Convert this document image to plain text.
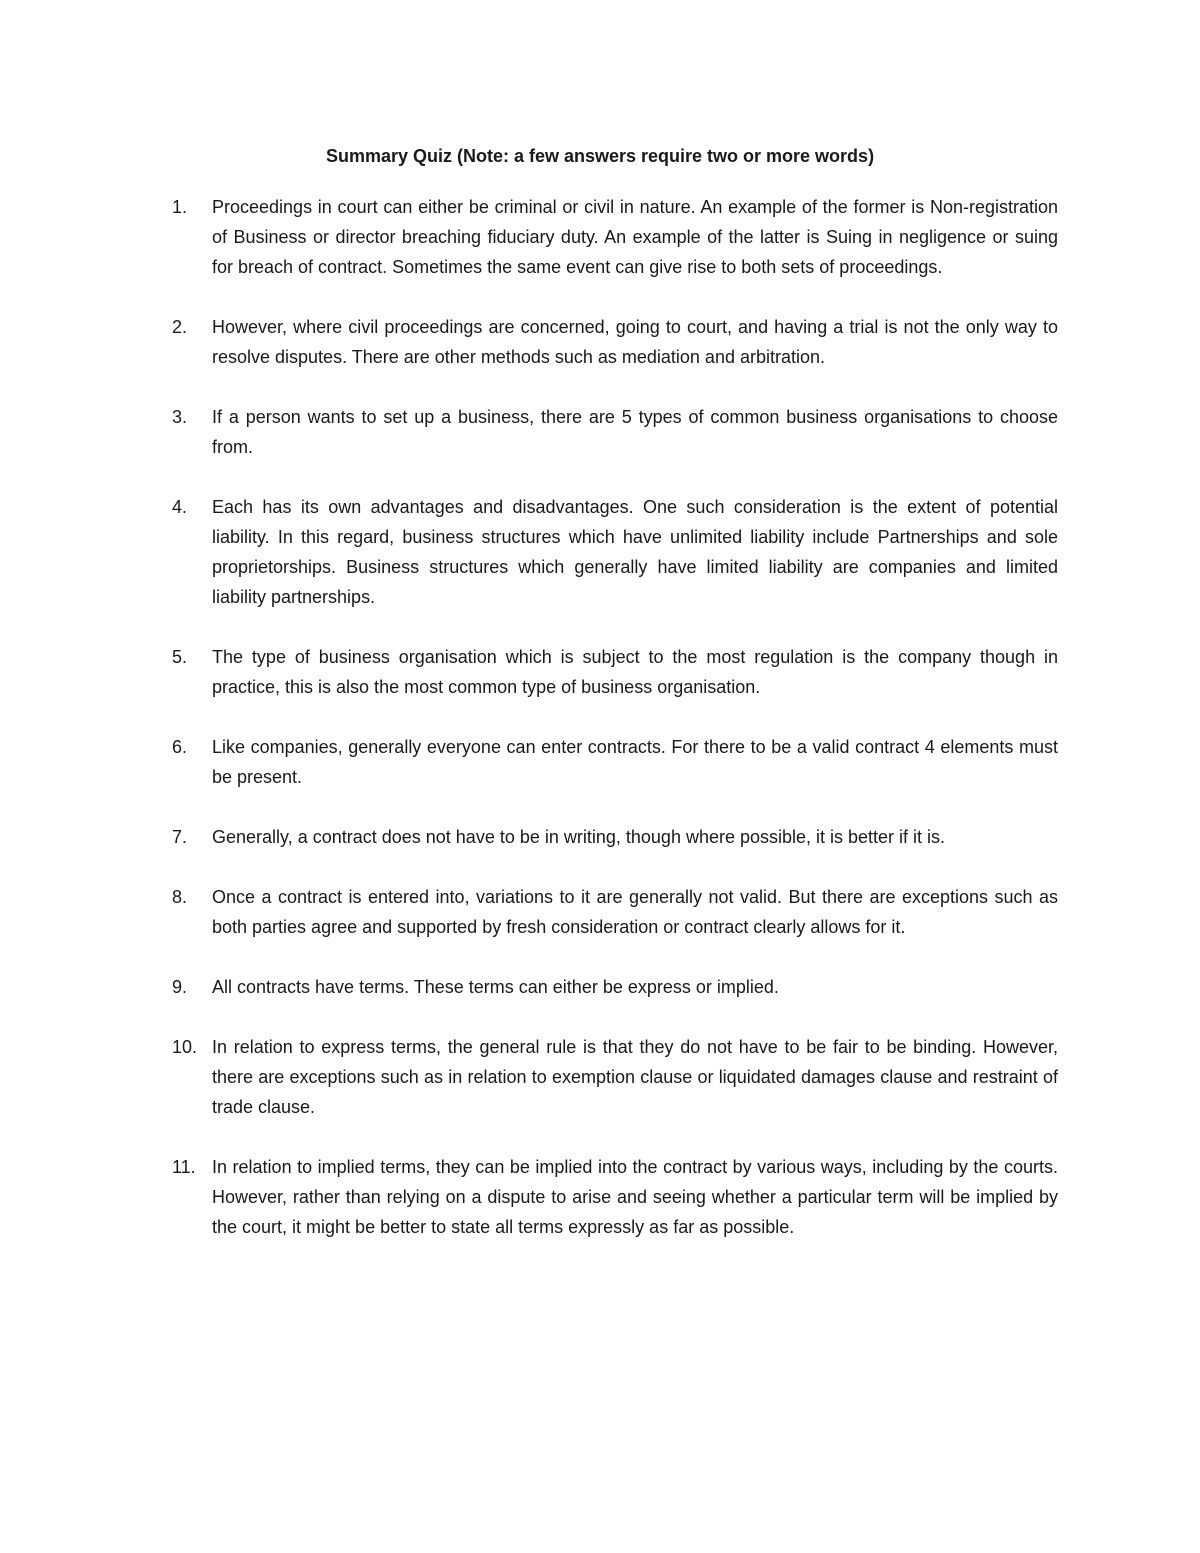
Summary Quiz (Note: a few answers require two or more words)
1. Proceedings in court can either be criminal or civil in nature. An example of the former is Non-registration of Business or director breaching fiduciary duty. An example of the latter is Suing in negligence or suing for breach of contract. Sometimes the same event can give rise to both sets of proceedings.
2. However, where civil proceedings are concerned, going to court, and having a trial is not the only way to resolve disputes. There are other methods such as mediation and arbitration.
3. If a person wants to set up a business, there are 5 types of common business organisations to choose from.
4. Each has its own advantages and disadvantages. One such consideration is the extent of potential liability. In this regard, business structures which have unlimited liability include Partnerships and sole proprietorships. Business structures which generally have limited liability are companies and limited liability partnerships.
5. The type of business organisation which is subject to the most regulation is the company though in practice, this is also the most common type of business organisation.
6. Like companies, generally everyone can enter contracts. For there to be a valid contract 4 elements must be present.
7. Generally, a contract does not have to be in writing, though where possible, it is better if it is.
8. Once a contract is entered into, variations to it are generally not valid. But there are exceptions such as both parties agree and supported by fresh consideration or contract clearly allows for it.
9. All contracts have terms. These terms can either be express or implied.
10. In relation to express terms, the general rule is that they do not have to be fair to be binding. However, there are exceptions such as in relation to exemption clause or liquidated damages clause and restraint of trade clause.
11. In relation to implied terms, they can be implied into the contract by various ways, including by the courts. However, rather than relying on a dispute to arise and seeing whether a particular term will be implied by the court, it might be better to state all terms expressly as far as possible.
